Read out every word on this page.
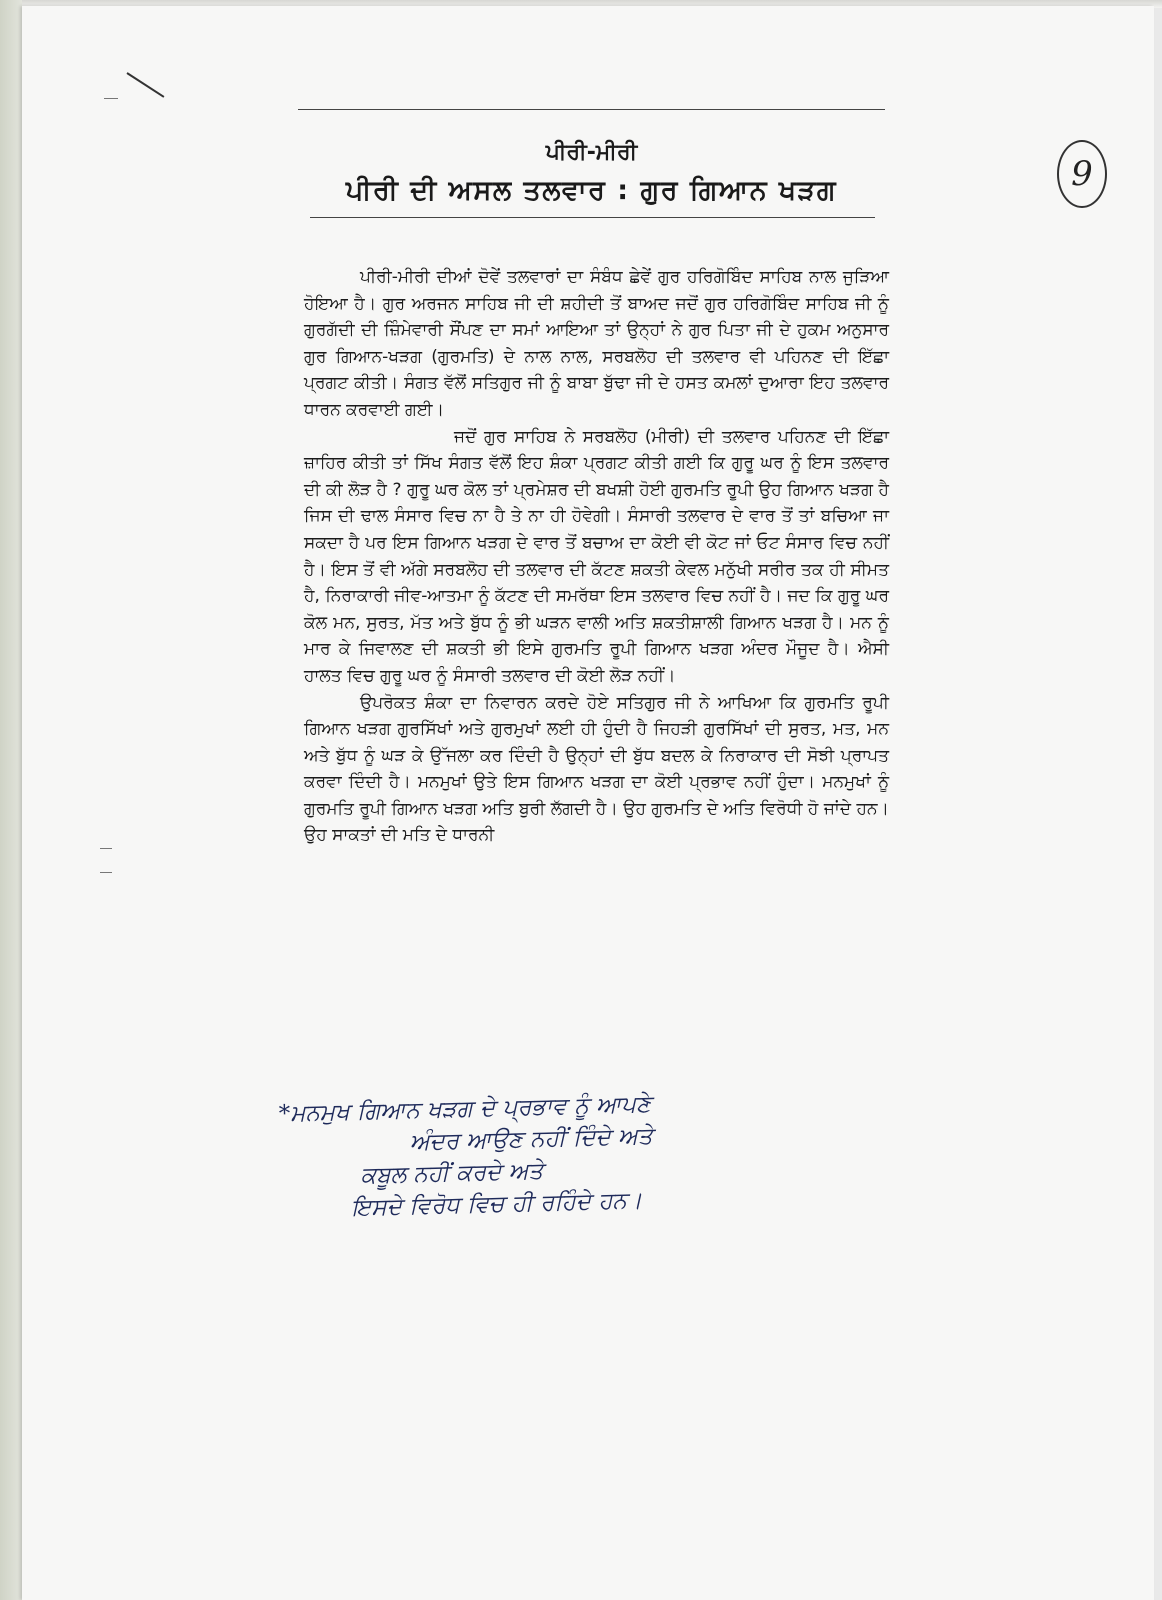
9
ਪੀਰੀ-ਮੀਰੀ
ਪੀਰੀ ਦੀ ਅਸਲ ਤਲਵਾਰ : ਗੁਰ ਗਿਆਨ ਖੜਗ

ਪੀਰੀ-ਮੀਰੀ ਦੀਆਂ ਦੋਵੇਂ ਤਲਵਾਰਾਂ ਦਾ ਸੰਬੰਧ ਛੇਵੇਂ ਗੁਰ ਹਰਿਗੋਬਿੰਦ ਸਾਹਿਬ ਨਾਲ ਜੁੜਿਆ ਹੋਇਆ ਹੈ। ਗੁਰ ਅਰਜਨ ਸਾਹਿਬ ਜੀ ਦੀ ਸ਼ਹੀਦੀ ਤੋਂ ਬਾਅਦ ਜਦੋਂ ਗੁਰ ਹਰਿਗੋਬਿੰਦ ਸਾਹਿਬ ਜੀ ਨੂੰ ਗੁਰਗੱਦੀ ਦੀ ਜ਼ਿੰਮੇਵਾਰੀ ਸੌਂਪਣ ਦਾ ਸਮਾਂ ਆਇਆ ਤਾਂ ਉਨ੍ਹਾਂ ਨੇ ਗੁਰ ਪਿਤਾ ਜੀ ਦੇ ਹੁਕਮ ਅਨੁਸਾਰ ਗੁਰ ਗਿਆਨ-ਖੜਗ (ਗੁਰਮਤਿ) ਦੇ ਨਾਲ ਨਾਲ, ਸਰਬਲੋਹ ਦੀ ਤਲਵਾਰ ਵੀ ਪਹਿਨਣ ਦੀ ਇੱਛਾ ਪ੍ਰਗਟ ਕੀਤੀ। ਸੰਗਤ ਵੱਲੋਂ ਸਤਿਗੁਰ ਜੀ ਨੂੰ ਬਾਬਾ ਬੁੱਢਾ ਜੀ ਦੇ ਹਸਤ ਕਮਲਾਂ ਦੁਆਰਾ ਇਹ ਤਲਵਾਰ ਧਾਰਨ ਕਰਵਾਈ ਗਈ।

ਜਦੋਂ ਗੁਰ ਸਾਹਿਬ ਨੇ ਸਰਬਲੋਹ (ਮੀਰੀ) ਦੀ ਤਲਵਾਰ ਪਹਿਨਣ ਦੀ ਇੱਛਾ ਜ਼ਾਹਿਰ ਕੀਤੀ ਤਾਂ ਸਿੱਖ ਸੰਗਤ ਵੱਲੋਂ ਇਹ ਸ਼ੰਕਾ ਪ੍ਰਗਟ ਕੀਤੀ ਗਈ ਕਿ ਗੁਰੂ ਘਰ ਨੂੰ ਇਸ ਤਲਵਾਰ ਦੀ ਕੀ ਲੋੜ ਹੈ ? ਗੁਰੂ ਘਰ ਕੋਲ ਤਾਂ ਪ੍ਰਮੇਸ਼ਰ ਦੀ ਬਖਸ਼ੀ ਹੋਈ ਗੁਰਮਤਿ ਰੂਪੀ ਉਹ ਗਿਆਨ ਖੜਗ ਹੈ ਜਿਸ ਦੀ ਢਾਲ ਸੰਸਾਰ ਵਿਚ ਨਾ ਹੈ ਤੇ ਨਾ ਹੀ ਹੋਵੇਗੀ। ਸੰਸਾਰੀ ਤਲਵਾਰ ਦੇ ਵਾਰ ਤੋਂ ਤਾਂ ਬਚਿਆ ਜਾ ਸਕਦਾ ਹੈ ਪਰ ਇਸ ਗਿਆਨ ਖੜਗ ਦੇ ਵਾਰ ਤੋਂ ਬਚਾਅ ਦਾ ਕੋਈ ਵੀ ਕੋਟ ਜਾਂ ਓਟ ਸੰਸਾਰ ਵਿਚ ਨਹੀਂ ਹੈ। ਇਸ ਤੋਂ ਵੀ ਅੱਗੇ ਸਰਬਲੋਹ ਦੀ ਤਲਵਾਰ ਦੀ ਕੱਟਣ ਸ਼ਕਤੀ ਕੇਵਲ ਮਨੁੱਖੀ ਸਰੀਰ ਤਕ ਹੀ ਸੀਮਤ ਹੈ, ਨਿਰਾਕਾਰੀ ਜੀਵ-ਆਤਮਾ ਨੂੰ ਕੱਟਣ ਦੀ ਸਮਰੱਥਾ ਇਸ ਤਲਵਾਰ ਵਿਚ ਨਹੀਂ ਹੈ। ਜਦ ਕਿ ਗੁਰੂ ਘਰ ਕੋਲ ਮਨ, ਸੁਰਤ, ਮੱਤ ਅਤੇ ਬੁੱਧ ਨੂੰ ਭੀ ਘੜਨ ਵਾਲੀ ਅਤਿ ਸ਼ਕਤੀਸ਼ਾਲੀ ਗਿਆਨ ਖੜਗ ਹੈ। ਮਨ ਨੂੰ ਮਾਰ ਕੇ ਜਿਵਾਲਣ ਦੀ ਸ਼ਕਤੀ ਭੀ ਇਸੇ ਗੁਰਮਤਿ ਰੂਪੀ ਗਿਆਨ ਖੜਗ ਅੰਦਰ ਮੌਜੂਦ ਹੈ। ਐਸੀ ਹਾਲਤ ਵਿਚ ਗੁਰੂ ਘਰ ਨੂੰ ਸੰਸਾਰੀ ਤਲਵਾਰ ਦੀ ਕੋਈ ਲੋੜ ਨਹੀਂ।

ਉਪਰੋਕਤ ਸ਼ੰਕਾ ਦਾ ਨਿਵਾਰਨ ਕਰਦੇ ਹੋਏ ਸਤਿਗੁਰ ਜੀ ਨੇ ਆਖਿਆ ਕਿ ਗੁਰਮਤਿ ਰੂਪੀ ਗਿਆਨ ਖੜਗ ਗੁਰਸਿੱਖਾਂ ਅਤੇ ਗੁਰਮੁਖਾਂ ਲਈ ਹੀ ਹੁੰਦੀ ਹੈ ਜਿਹੜੀ ਗੁਰਸਿੱਖਾਂ ਦੀ ਸੁਰਤ, ਮਤ, ਮਨ ਅਤੇ ਬੁੱਧ ਨੂੰ ਘੜ ਕੇ ਉੱਜਲਾ ਕਰ ਦਿੰਦੀ ਹੈ ਉਨ੍ਹਾਂ ਦੀ ਬੁੱਧ ਬਦਲ ਕੇ ਨਿਰਾਕਾਰ ਦੀ ਸੋਝੀ ਪ੍ਰਾਪਤ ਕਰਵਾ ਦਿੰਦੀ ਹੈ। ਮਨਮੁਖਾਂ ਉਤੇ ਇਸ ਗਿਆਨ ਖੜਗ ਦਾ ਕੋਈ ਪ੍ਰਭਾਵ ਨਹੀਂ ਹੁੰਦਾ। ਮਨਮੁਖਾਂ ਨੂੰ ਗੁਰਮਤਿ ਰੂਪੀ ਗਿਆਨ ਖੜਗ ਅਤਿ ਬੁਰੀ ਲੱਗਦੀ ਹੈ। ਉਹ ਗੁਰਮਤਿ ਦੇ ਅਤਿ ਵਿਰੋਧੀ ਹੋ ਜਾਂਦੇ ਹਨ। ਉਹ ਸਾਕਤਾਂ ਦੀ ਮਤਿ ਦੇ ਧਾਰਨੀ

*ਮਨਮੁਖ ਗਿਆਨ ਖੜਗ ਦੇ ਪ੍ਰਭਾਵ ਨੂੰ ਆਪਣੇ
ਅੰਦਰ ਆਉਣ ਨਹੀਂ ਦਿੰਦੇ ਅਤੇ
ਕਬੂਲ ਨਹੀਂ ਕਰਦੇ ਅਤੇ
ਇਸਦੇ ਵਿਰੋਧ ਵਿਚ ਹੀ ਰਹਿੰਦੇ ਹਨ।
